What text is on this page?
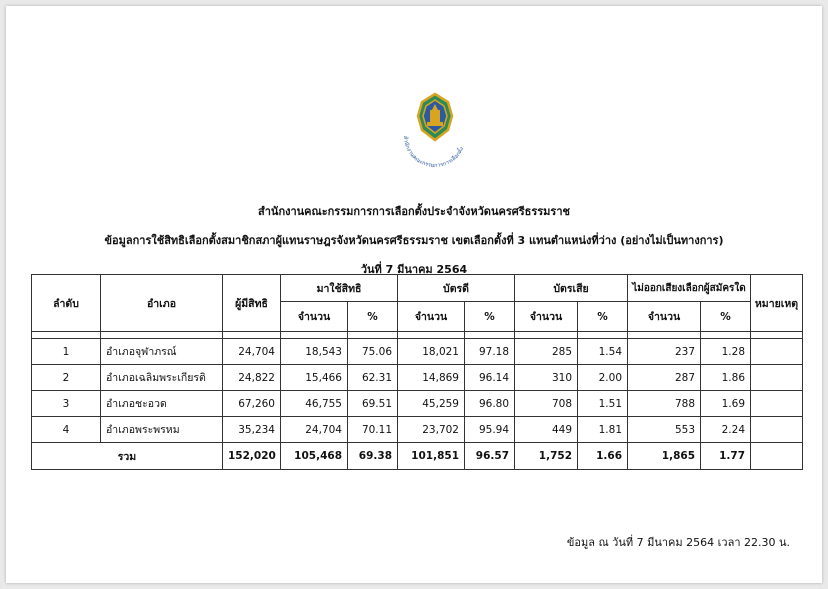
สำนักงานคณะกรรมการการเลือกตั้ง
สำนักงานคณะกรรมการการเลือกตั้งประจำจังหวัดนครศรีธรรมราช
ข้อมูลการใช้สิทธิเลือกตั้งสมาชิกสภาผู้แทนราษฎรจังหวัดนครศรีธรรมราช เขตเลือกตั้งที่ 3 แทนตำแหน่งที่ว่าง (อย่างไม่เป็นทางการ)
วันที่ 7 มีนาคม 2564
ลำดับ	อำเภอ	ผู้มีสิทธิ	มาใช้สิทธิ		บัตรดี		บัตรเสีย		ไม่ออกเสียงเลือกผู้สมัครใด		หมายเหตุ
			จำนวน	%	จำนวน	%	จำนวน	%	จำนวน	%	

1	อำเภอจุฬาภรณ์	24,704	18,543	75.06	18,021	97.18	285	1.54	237	1.28	
2	อำเภอเฉลิมพระเกียรติ	24,822	15,466	62.31	14,869	96.14	310	2.00	287	1.86	
3	อำเภอชะอวด	67,260	46,755	69.51	45,259	96.80	708	1.51	788	1.69	
4	อำเภอพระพรหม	35,234	24,704	70.11	23,702	95.94	449	1.81	553	2.24	
รวม		152,020	105,468	69.38	101,851	96.57	1,752	1.66	1,865	1.77	
ข้อมูล ณ วันที่ 7 มีนาคม 2564 เวลา 22.30 น.
